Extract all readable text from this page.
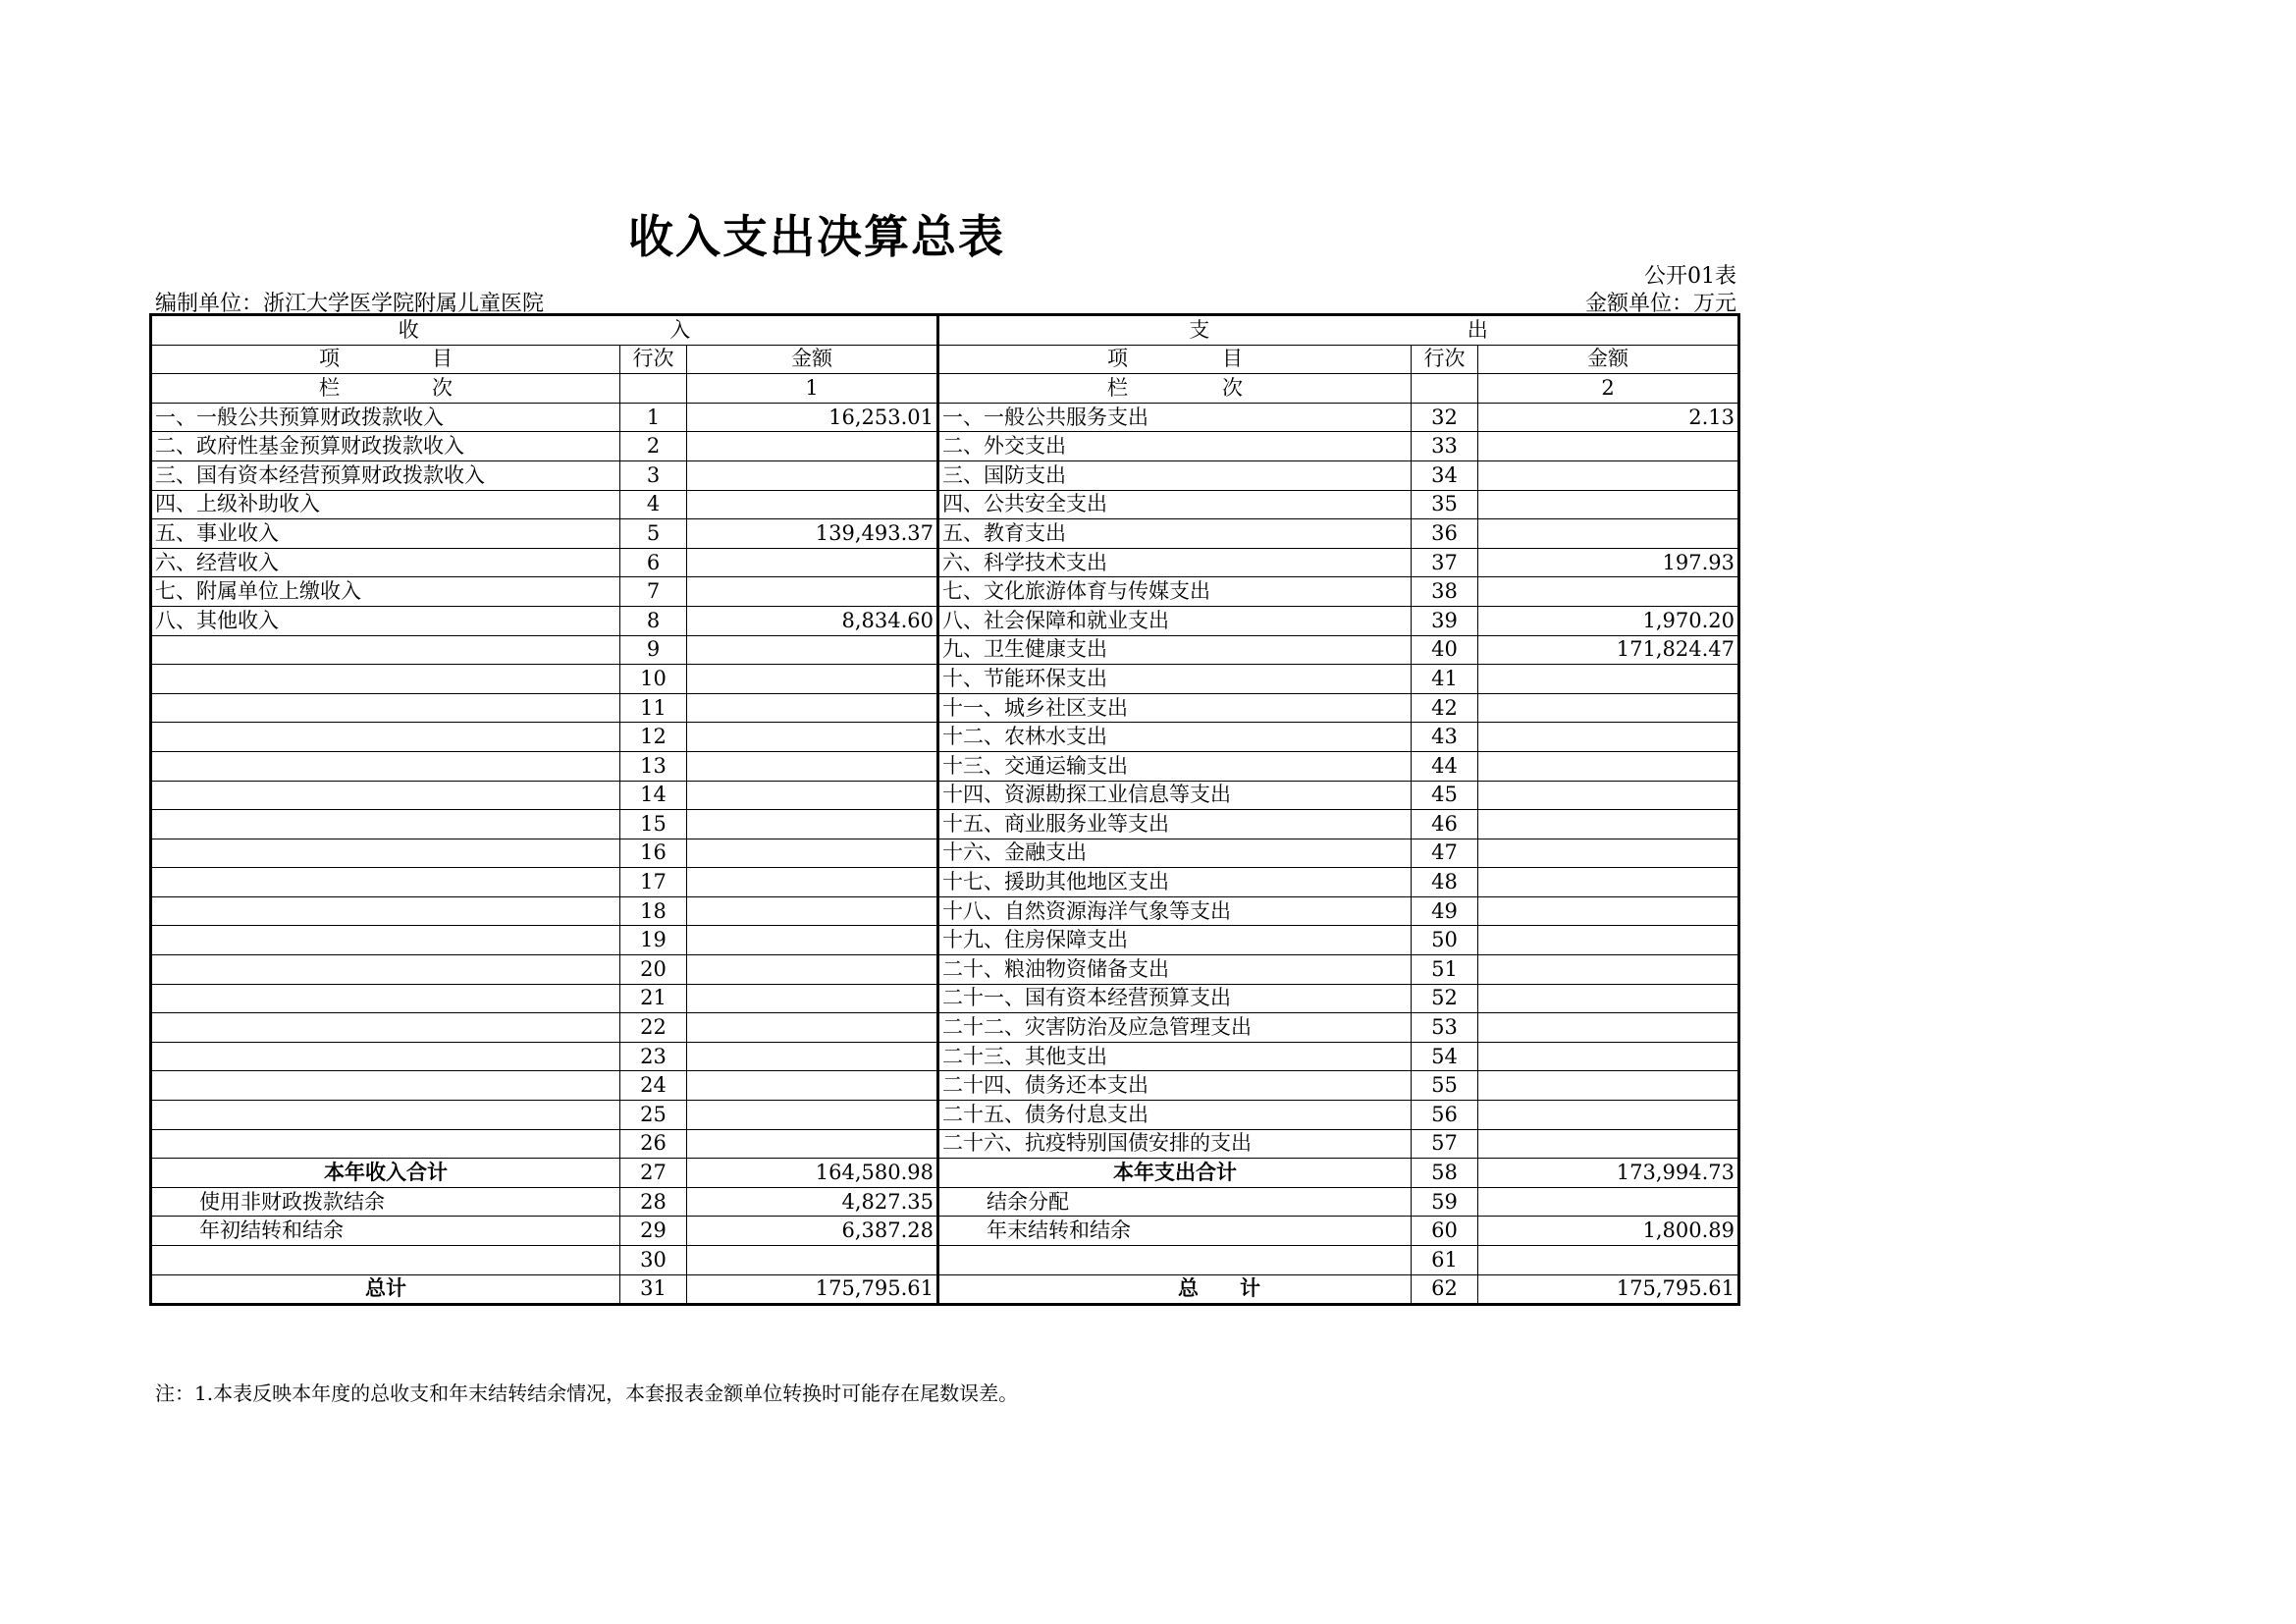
收入支出决算总表
公开01表
编制单位：浙江大学医学院附属儿童医院	金额单位：万元
收 入			支 出		

项 目	行次	金额	项 目	行次	金额

栏 次		1	栏 次		2
一、一般公共预算财政拨款收入	1	16,253.01	一、一般公共服务支出	32	2.13
二、政府性基金预算财政拨款收入	2		二、外交支出	33	
三、国有资本经营预算财政拨款收入	3		三、国防支出	34	
四、上级补助收入	4		四、公共安全支出	35	
五、事业收入	5	139,493.37	五、教育支出	36	
六、经营收入	6		六、科学技术支出	37	197.93
七、附属单位上缴收入	7		七、文化旅游体育与传媒支出	38	
八、其他收入	8	8,834.60	八、社会保障和就业支出	39	1,970.20
	9		九、卫生健康支出	40	171,824.47
	10		十、节能环保支出	41	
	11		十一、城乡社区支出	42	
	12		十二、农林水支出	43	
	13		十三、交通运输支出	44	
	14		十四、资源勘探工业信息等支出	45	
	15		十五、商业服务业等支出	46	
	16		十六、金融支出	47	
	17		十七、援助其他地区支出	48	
	18		十八、自然资源海洋气象等支出	49	
	19		十九、住房保障支出	50	
	20		二十、粮油物资储备支出	51	
	21		二十一、国有资本经营预算支出	52	
	22		二十二、灾害防治及应急管理支出	53	
	23		二十三、其他支出	54	
	24		二十四、债务还本支出	55	
	25		二十五、债务付息支出	56	
	26		二十六、抗疫特别国债安排的支出	57	
本年收入合计	27	164,580.98	本年支出合计	58	173,994.73
使用非财政拨款结余	28	4,827.35	结余分配	59	
年初结转和结余	29	6,387.28	年末结转和结余	60	1,800.89
	30			61	
总计	31	175,795.61	总 计	62	175,795.61
注：1.本表反映本年度的总收支和年末结转结余情况，本套报表金额单位转换时可能存在尾数误差。
